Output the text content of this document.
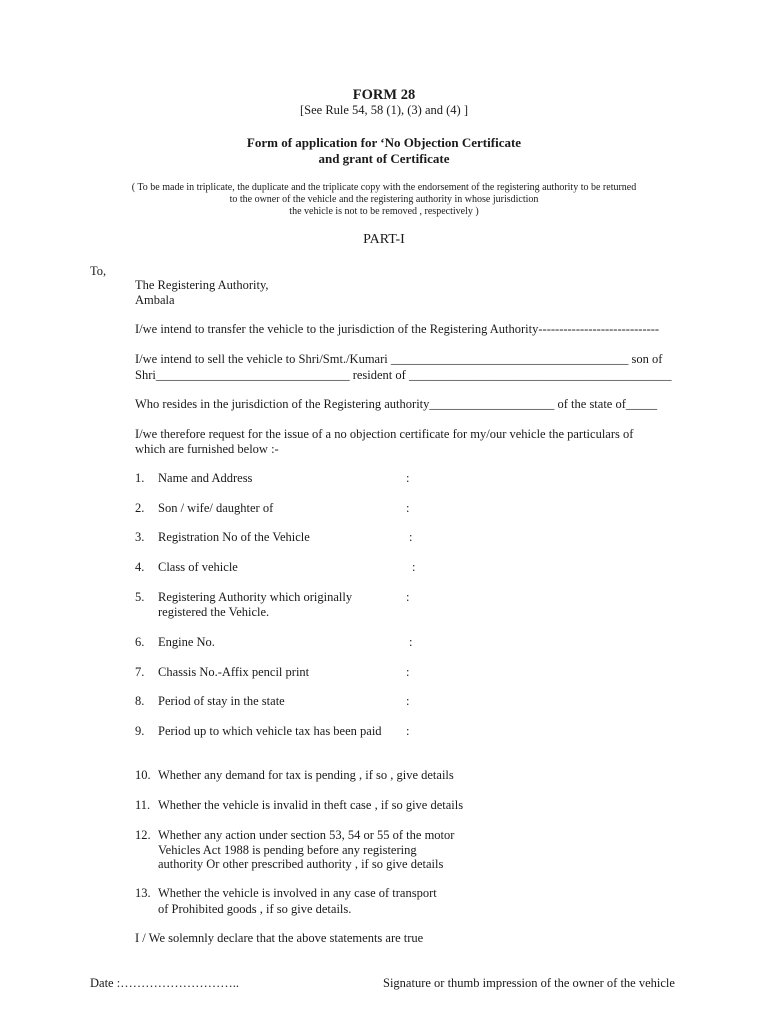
FORM 28
[See Rule 54, 58 (1), (3) and (4) ]
Form of application for ‘No Objection Certificate
and grant of Certificate
( To be made in triplicate, the duplicate and the triplicate copy with the endorsement of the registering authority to be returned
to the owner of the vehicle and the registering authority in whose jurisdiction
the vehicle is not to be removed , respectively )
PART-I
To,
The Registering Authority,
Ambala
I/we intend to transfer the vehicle to the jurisdiction of the Registering Authority-----------------------------
I/we intend to sell the vehicle to Shri/Smt./Kumari ______________________________________ son of
Shri_______________________________ resident of __________________________________________
Who resides in the jurisdiction of the Registering authority____________________ of the state of_____
I/we therefore request for the issue of a no objection certificate for my/our vehicle the particulars of
which are furnished below :-
1. Name and Address	:
2. Son / wife/ daughter of	:
3. Registration No of the Vehicle	:
4. Class of vehicle	:
5. Registering Authority which originally
registered the Vehicle.
:
6. Engine No.	:
7. Chassis No.-Affix pencil print	:
8. Period of stay in the state	:
9. Period up to which vehicle tax has been paid :
10. Whether any demand for tax is pending , if so , give details
11. Whether the vehicle is invalid in theft case , if so give details
12. Whether any action under section 53, 54 or 55 of the motor
Vehicles Act 1988 is pending before any registering
authority Or other prescribed authority , if so give details
13. Whether the vehicle is involved in any case of transport
of Prohibited goods , if so give details.
I / We solemnly declare that the above statements are true
Date :………………………..	Signature or thumb impression of the owner of the vehicle
